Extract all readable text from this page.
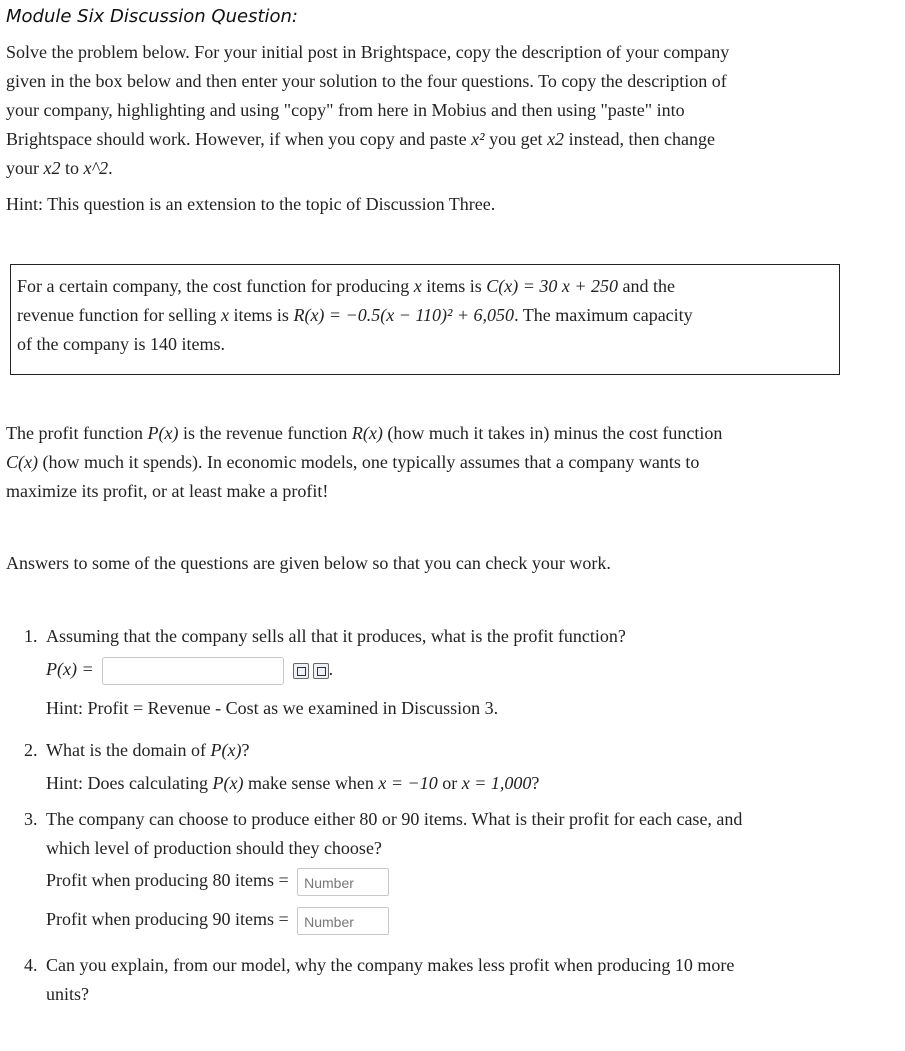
Module Six Discussion Question:
Solve the problem below. For your initial post in Brightspace, copy the description of your company
given in the box below and then enter your solution to the four questions. To copy the description of
your company, highlighting and using "copy" from here in Mobius and then using "paste" into
Brightspace should work. However, if when you copy and paste x² you get x2 instead, then change
your x2 to x^2.
Hint: This question is an extension to the topic of Discussion Three.
For a certain company, the cost function for producing x items is C(x) = 30 x + 250 and the
revenue function for selling x items is R(x) = −0.5(x − 110)² + 6,050. The maximum capacity
of the company is 140 items.
The profit function P(x) is the revenue function R(x) (how much it takes in) minus the cost function
C(x) (how much it spends). In economic models, one typically assumes that a company wants to
maximize its profit, or at least make a profit!
Answers to some of the questions are given below so that you can check your work.
1. Assuming that the company sells all that it produces, what is the profit function?
P(x) =	.
Hint: Profit = Revenue - Cost as we examined in Discussion 3.
2. What is the domain of P(x)?
Hint: Does calculating P(x) make sense when x = −10 or x = 1,000?
3. The company can choose to produce either 80 or 90 items. What is their profit for each case, and
which level of production should they choose?
Profit when producing 80 items = Number
Profit when producing 90 items = Number
4. Can you explain, from our model, why the company makes less profit when producing 10 more
units?
